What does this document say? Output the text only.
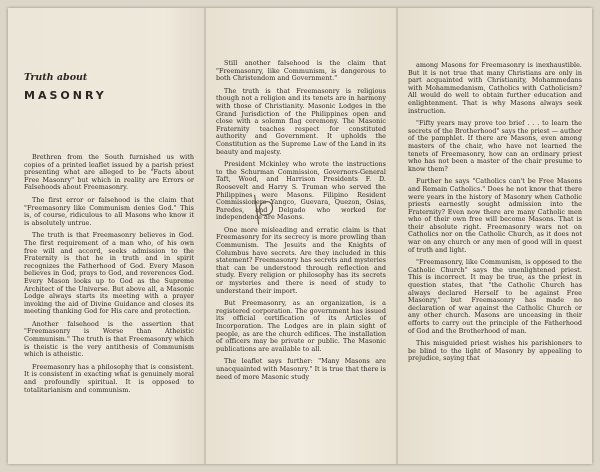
Truth about
MASONRY

Brethren from the South furnished us with copies of a printed leaflet issued by a parish priest presenting what are alleged to be "Facts about Free Masonry" but which in reality are Errors or Falsehoods about Freemasonry.

The first error or falsehood is the claim that "Freemasonry like Communism denies God." This is, of course, ridiculous to all Masons who know it is absolutely untrue.

The truth is that Freemasonry believes in God. The first requirement of a man who, of his own free will and accord, seeks admission to the Fraternity is that he in truth and in spirit recognizes the Fatherhood of God. Every Mason believes in God, prays to God, and reverences God. Every Mason looks up to God as the Supreme Architect of the Universe. But above all, a Masonic Lodge always starts its meeting with a prayer invoking the aid of Divine Guidance and closes its meeting thanking God for His care and protection.

Another falsehood is the assertion that "Freemasonry is Worse than Atheistic Communism." The truth is that Freemasonry which is theistic is the very antithesis of Communism which is atheistic.

Freemasonry has a philosophy that is consistent. It is consistent in exacting what is genuinely moral and profoundly spiritual. It is opposed to totalitarianism and communism.

Still another falsehood is the claim that "Freemasonry, like Communism, is dangerous to both Christendom and Government."

The truth is that Freemasonry is religious though not a religion and its tenets are in harmony with those of Christianity. Masonic Lodges in the Grand Jurisdiction of the Philippines open and close with a solemn flag ceremony. The Masonic Fraternity teaches respect for constituted authority and Government. It upholds the Constitution as the Supreme Law of the Land in its beauty and majesty.

President Mckinley who wrote the instructions to the Schurman Commission, Governors-General Taft, Wood, and Harrison Presidents F. D. Roosevelt and Harry S. Truman who served the Philippines were Masons. Filipino Resident Commissioners Yangco, Guevara, Quezon, Osias, Paredes, and Delgado who worked for independence are Masons.

One more misleading and erratic claim is that Freemasonry for its secrecy is more prowling than Communism. The Jesuits and the Knights of Columbus have secrets. Are they included in this statement? Freemasonry has secrets and mysteries that can be understood through reflection and study. Every religion or philosophy has its secrets or mysteries and there is need of study to understand their import.

But Freemasonry, as an organization, is a registered corporation. The government has issued its official certification of its Articles of Incorporation. The Lodges are in plain sight of people, as are the church edifices. The installation of officers may be private or public. The Masonic publications are available to all.

The leaflet says further: "Many Masons are unacquainted with Masonry." It is true that there is need of more Masonic study

among Masons for Freemasonry is inexhaustible. But it is not true that many Christians are only in part acquainted with Christianity, Mohammedans with Mohammedanism, Catholics with Catholicism? All would do well to obtain further education and enlightenment. That is why Masons always seek instruction.

"Fifty years may prove too brief . . . to learn the secrets of the Brotherhood" says the priest — author of the pamphlet. If there are Masons, even among masters of the chair, who have not learned the tenets of Freemasonry, how can an ordinary priest who has not been a master of the chair presume to know them?

Further he says "Catholics can't be Free Masons and Remain Catholics." Does he not know that there were years in the history of Masonry when Catholic priests earnestly sought admission into the Fraternity? Even now there are many Catholic men who of their own free will become Masons. That is their absolute right. Freemasonry wars not on Catholics nor on the Catholic Church, as it does not war on any church or any men of good will in quest of truth and light.

"Freemasonry, like Communism, is opposed to the Catholic Church" says the unenlightened priest. This is incorrect. It may be true, as the priest in question states, that "the Catholic Church has always declared Herself to be against Free Masonry," but Freemasonry has made no declaration of war against the Catholic Church or any other church. Masons are unceasing in their efforts to carry out the principle of the Fatherhood of God and the Brotherhood of man.

This misguided priest wishes his parishioners to be blind to the light of Masonry by appealing to prejudice, saying that
